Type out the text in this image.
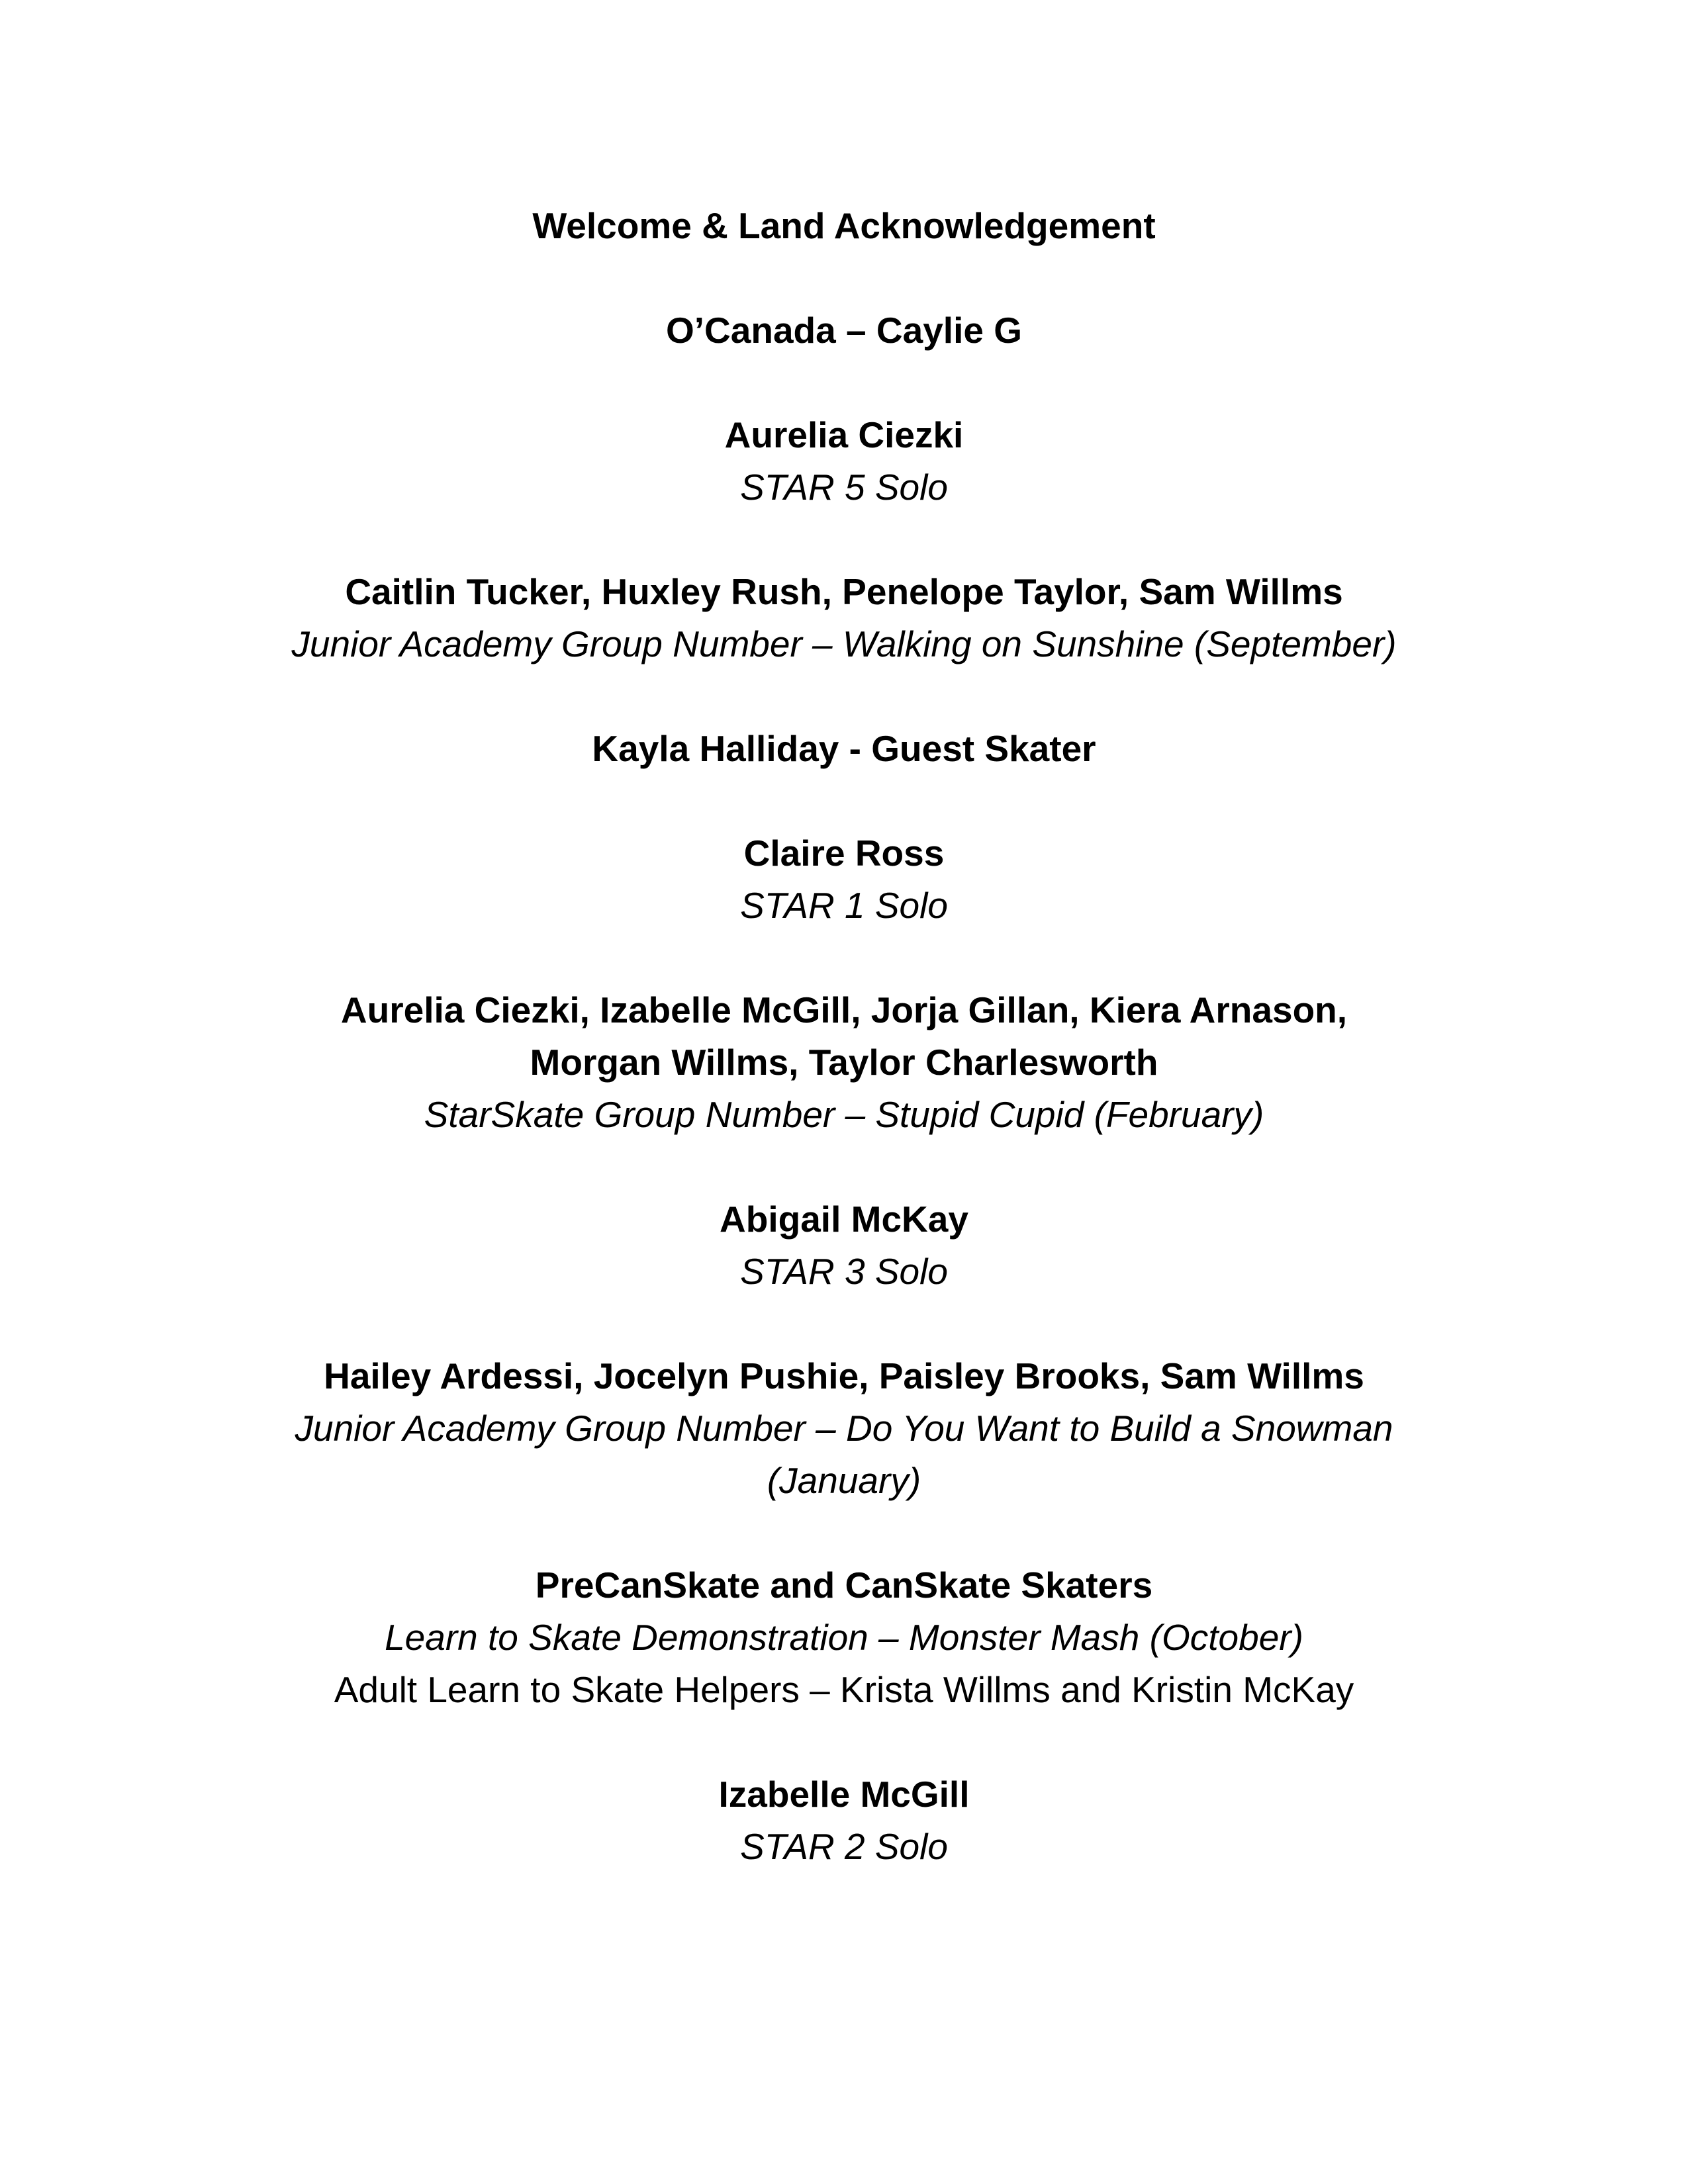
Welcome & Land Acknowledgement
O’Canada – Caylie G
Aurelia Ciezki
STAR 5 Solo
Caitlin Tucker, Huxley Rush, Penelope Taylor, Sam Willms
Junior Academy Group Number – Walking on Sunshine (September)
Kayla Halliday - Guest Skater
Claire Ross
STAR 1 Solo
Aurelia Ciezki, Izabelle McGill, Jorja Gillan, Kiera Arnason,
Morgan Willms, Taylor Charlesworth
StarSkate Group Number – Stupid Cupid (February)
Abigail McKay
STAR 3 Solo
Hailey Ardessi, Jocelyn Pushie, Paisley Brooks, Sam Willms
Junior Academy Group Number – Do You Want to Build a Snowman
(January)
PreCanSkate and CanSkate Skaters
Learn to Skate Demonstration – Monster Mash (October)
Adult Learn to Skate Helpers – Krista Willms and Kristin McKay
Izabelle McGill
STAR 2 Solo
